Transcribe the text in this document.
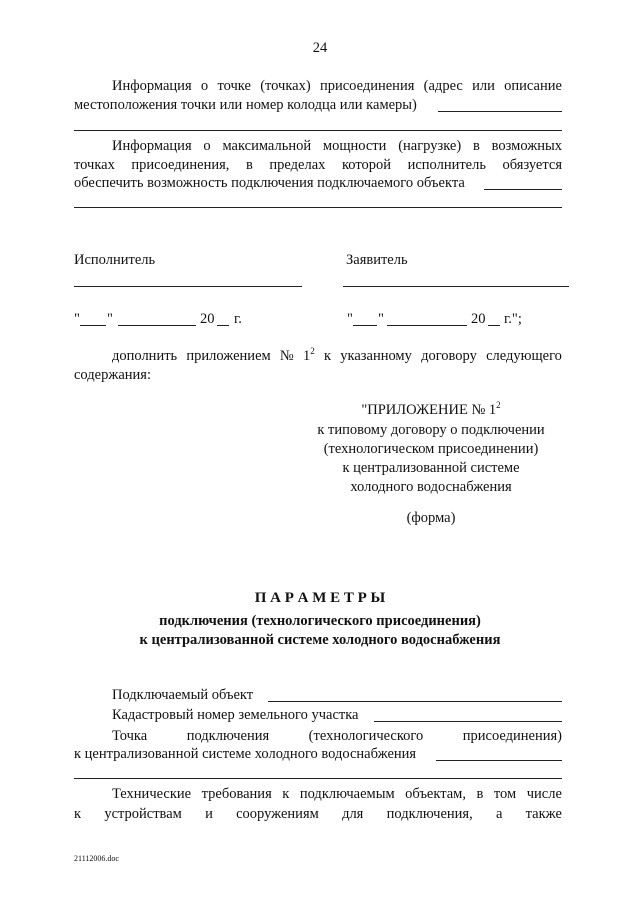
24
Информация о точке (точках) присоединения (адрес или описание
местоположения точки или номер колодца или камеры)
Информация о максимальной мощности (нагрузке) в возможных
точках присоединения, в пределах которой исполнитель обязуется
обеспечить возможность подключения подключаемого объекта
Исполнитель	Заявитель
" "	20 г.	" "	20 г.";
дополнить приложением № $1^2$ к указанному договору следующего
содержания:
"ПРИЛОЖЕНИЕ № $1^2$
к типовому договору о подключении
(технологическом присоединении)
к централизованной системе
холодного водоснабжения
(форма)
П А Р А М Е Т Р Ы
подключения (технологического присоединения)
к централизованной системе холодного водоснабжения
Подключаемый объект
Кадастровый номер земельного участка
Точка	подключения	(технологического	присоединения)
к централизованной системе холодного водоснабжения
Технические требования к подключаемым объектам, в том числе
к устройствам и сооружениям для подключения, а также
21112006.doc
